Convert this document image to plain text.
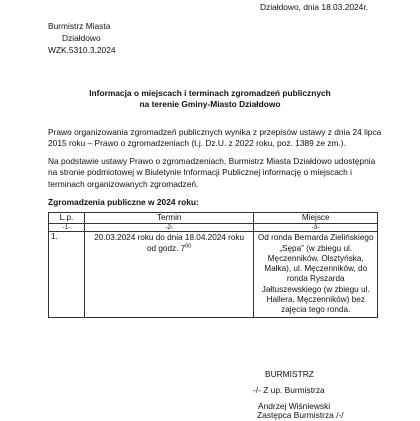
Działdowo, dnia 18.03.2024r.
Burmistrz Miasta
Działdowo
WZK.5310.3.2024
Informacja o miejscach i terminach zgromadzeń publicznych
na terenie Gminy-Miasto Działdowo
Prawo organizowania zgromadzeń publicznych wynika z przepisów ustawy z dnia 24 lipca 2015 roku – Prawo o zgromadzeniach (t.j. Dz.U. z 2022 roku, poz. 1389 ze zm.).
Na podstawie ustawy Prawo o zgromadzeniach, Burmistrz Miasta Działdowo udostępnia na stronie podmiotowej w Biuletynie Informacji Publicznej informację o miejscach i terminach organizowanych zgromadzeń.
Zgromadzenia publiczne w 2024 roku:
L.p.	Termin	Miejsce
-1-	-2-	-3-
1.	20.03.2024 roku do dnia 18.04.2024 roku
od godz. $7^{00}$	Od ronda Bernarda Zielińskiego „Sępa” (w zbiegu ul. Męczenników, Olsztyńska, Małka), ul. Męczenników, do ronda Ryszarda Jałtuszewskiego (w zbiegu ul. Hallera, Męczenników) bez zajęcia tego ronda.
BURMISTRZ
-/- Z up. Burmistrza
Andrzej Wiśniewski
Zastępca Burmistrza /-/
